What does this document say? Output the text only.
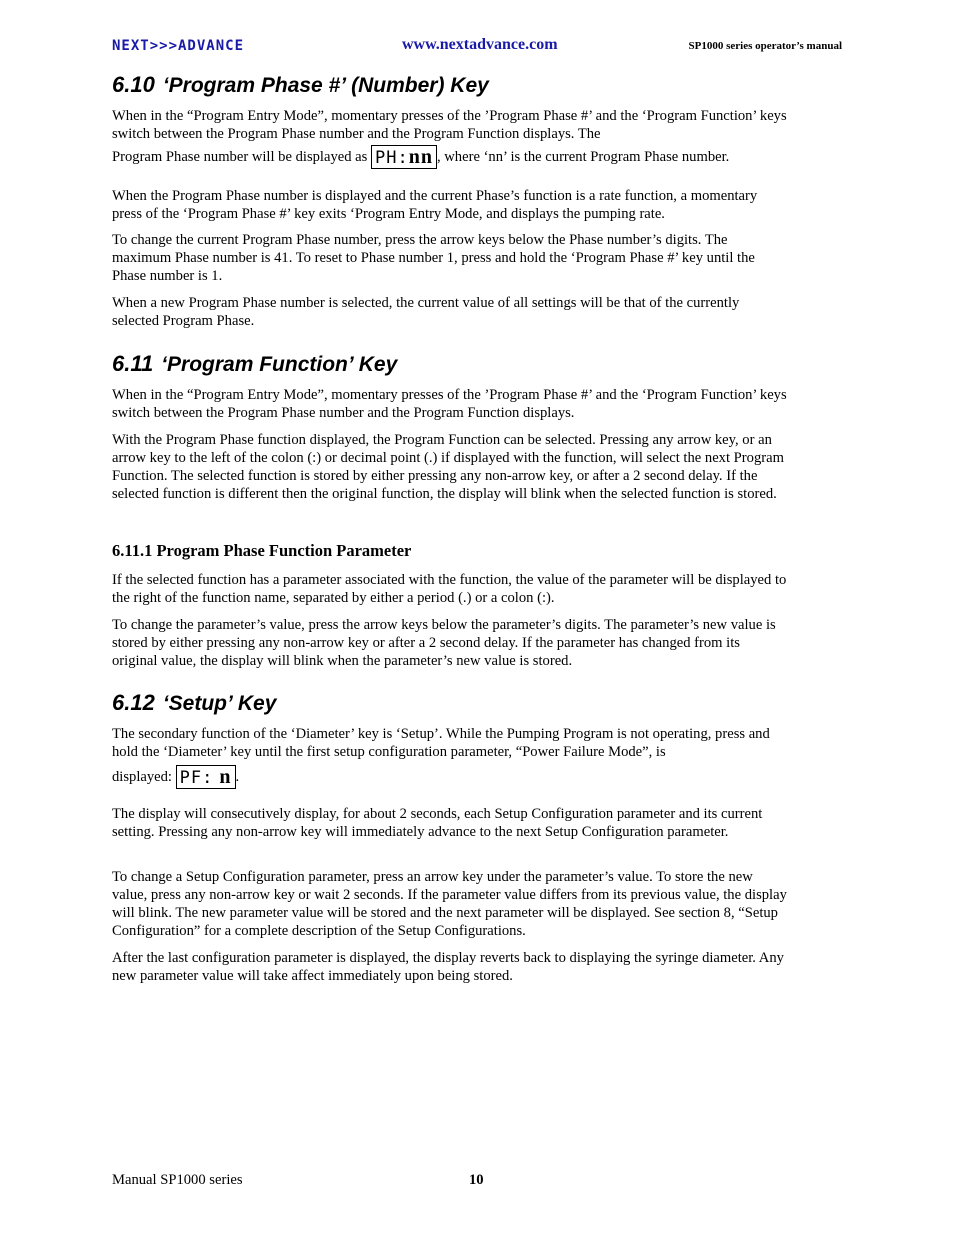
NEXT>>>ADVANCE	www.nextadvance.com	SP1000 series operator’s manual
6.10 ‘Program Phase #’ (Number) Key

When in the “Program Entry Mode”, momentary presses of the ’Program Phase #’ and the ‘Program Function’ keys switch between the Program Phase number and the Program Function displays. The

Program Phase number will be displayed as PH:nn , where ‘nn’ is the current Program Phase number.

When the Program Phase number is displayed and the current Phase’s function is a rate function, a momentary press of the ‘Program Phase #’ key exits ‘Program Entry Mode, and displays the pumping rate.

To change the current Program Phase number, press the arrow keys below the Phase number’s digits. The maximum Phase number is 41. To reset to Phase number 1, press and hold the ‘Program Phase #’ key until the Phase number is 1.

When a new Program Phase number is selected, the current value of all settings will be that of the currently selected Program Phase.

6.11 ‘Program Function’ Key

When in the “Program Entry Mode”, momentary presses of the ’Program Phase #’ and the ‘Program Function’ keys switch between the Program Phase number and the Program Function displays.

With the Program Phase function displayed, the Program Function can be selected. Pressing any arrow key, or an arrow key to the left of the colon (:) or decimal point (.) if displayed with the function, will select the next Program Function. The selected function is stored by either pressing any non-arrow key, or after a 2 second delay. If the selected function is different then the original function, the display will blink when the selected function is stored.

6.11.1 Program Phase Function Parameter

If the selected function has a parameter associated with the function, the value of the parameter will be displayed to the right of the function name, separated by either a period (.) or a colon (:).

To change the parameter’s value, press the arrow keys below the parameter’s digits. The parameter’s new value is stored by either pressing any non-arrow key or after a 2 second delay. If the parameter has changed from its original value, the display will blink when the parameter’s new value is stored.

6.12 ‘Setup’ Key

The secondary function of the ‘Diameter’ key is ‘Setup’. While the Pumping Program is not operating, press and hold the ‘Diameter’ key until the first setup configuration parameter, “Power Failure Mode”, is

displayed: PF: n .

The display will consecutively display, for about 2 seconds, each Setup Configuration parameter and its current setting. Pressing any non-arrow key will immediately advance to the next Setup Configuration parameter.

To change a Setup Configuration parameter, press an arrow key under the parameter’s value. To store the new value, press any non-arrow key or wait 2 seconds. If the parameter value differs from its previous value, the display will blink. The new parameter value will be stored and the next parameter will be displayed. See section 8, “Setup Configuration” for a complete description of the Setup Configurations.

After the last configuration parameter is displayed, the display reverts back to displaying the syringe diameter. Any new parameter value will take affect immediately upon being stored.

Manual SP1000 series	10
